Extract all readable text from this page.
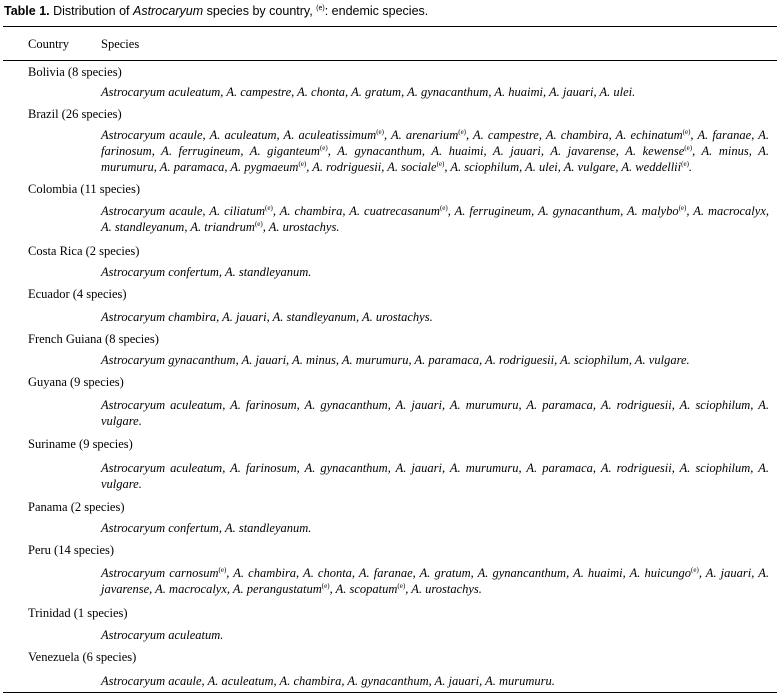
Table 1. Distribution of Astrocaryum species by country, $^{(e)}$: endemic species.
Country	Species
Bolivia (8 species)
Astrocaryum aculeatum, A. campestre, A. chonta, A. gratum, A. gynacanthum, A. huaimi, A. jauari, A. ulei.
Brazil (26 species)
Astrocaryum acaule, A. aculeatum, A. aculeatissimum$^{(e)}$, A. arenarium$^{(e)}$, A. campestre, A. chambira, A. echinatum$^{(e)}$, A. faranae, A. farinosum, A. ferrugineum, A. giganteum$^{(e)}$, A. gynacanthum, A. huaimi, A. jauari, A. javarense, A. kewense$^{(e)}$, A. minus, A. murumuru, A. paramaca, A. pygmaeum$^{(e)}$, A. rodriguesii, A. sociale$^{(e)}$, A. sciophilum, A. ulei, A. vulgare, A. weddellii$^{(e)}$.
Colombia (11 species)
Astrocaryum acaule, A. ciliatum$^{(e)}$, A. chambira, A. cuatrecasanum$^{(e)}$, A. ferrugineum, A. gynacanthum, A. malybo$^{(e)}$, A. macrocalyx, A. standleyanum, A. triandrum$^{(e)}$, A. urostachys.
Costa Rica (2 species)
Astrocaryum confertum, A. standleyanum.
Ecuador (4 species)
Astrocaryum chambira, A. jauari, A. standleyanum, A. urostachys.
French Guiana (8 species)
Astrocaryum gynacanthum, A. jauari, A. minus, A. murumuru, A. paramaca, A. rodriguesii, A. sciophilum, A. vulgare.
Guyana (9 species)
Astrocaryum aculeatum, A. farinosum, A. gynacanthum, A. jauari, A. murumuru, A. paramaca, A. rodriguesii, A. sciophilum, A. vulgare.
Suriname (9 species)
Astrocaryum aculeatum, A. farinosum, A. gynacanthum, A. jauari, A. murumuru, A. paramaca, A. rodriguesii, A. sciophilum, A. vulgare.
Panama (2 species)
Astrocaryum confertum, A. standleyanum.
Peru (14 species)
Astrocaryum carnosum$^{(e)}$, A. chambira, A. chonta, A. faranae, A. gratum, A. gynancanthum, A. huaimi, A. huicungo$^{(e)}$, A. jauari, A. javarense, A. macrocalyx, A. perangustatum$^{(e)}$, A. scopatum$^{(e)}$, A. urostachys.
Trinidad (1 species)
Astrocaryum aculeatum.
Venezuela (6 species)
Astrocaryum acaule, A. aculeatum, A. chambira, A. gynacanthum, A. jauari, A. murumuru.
